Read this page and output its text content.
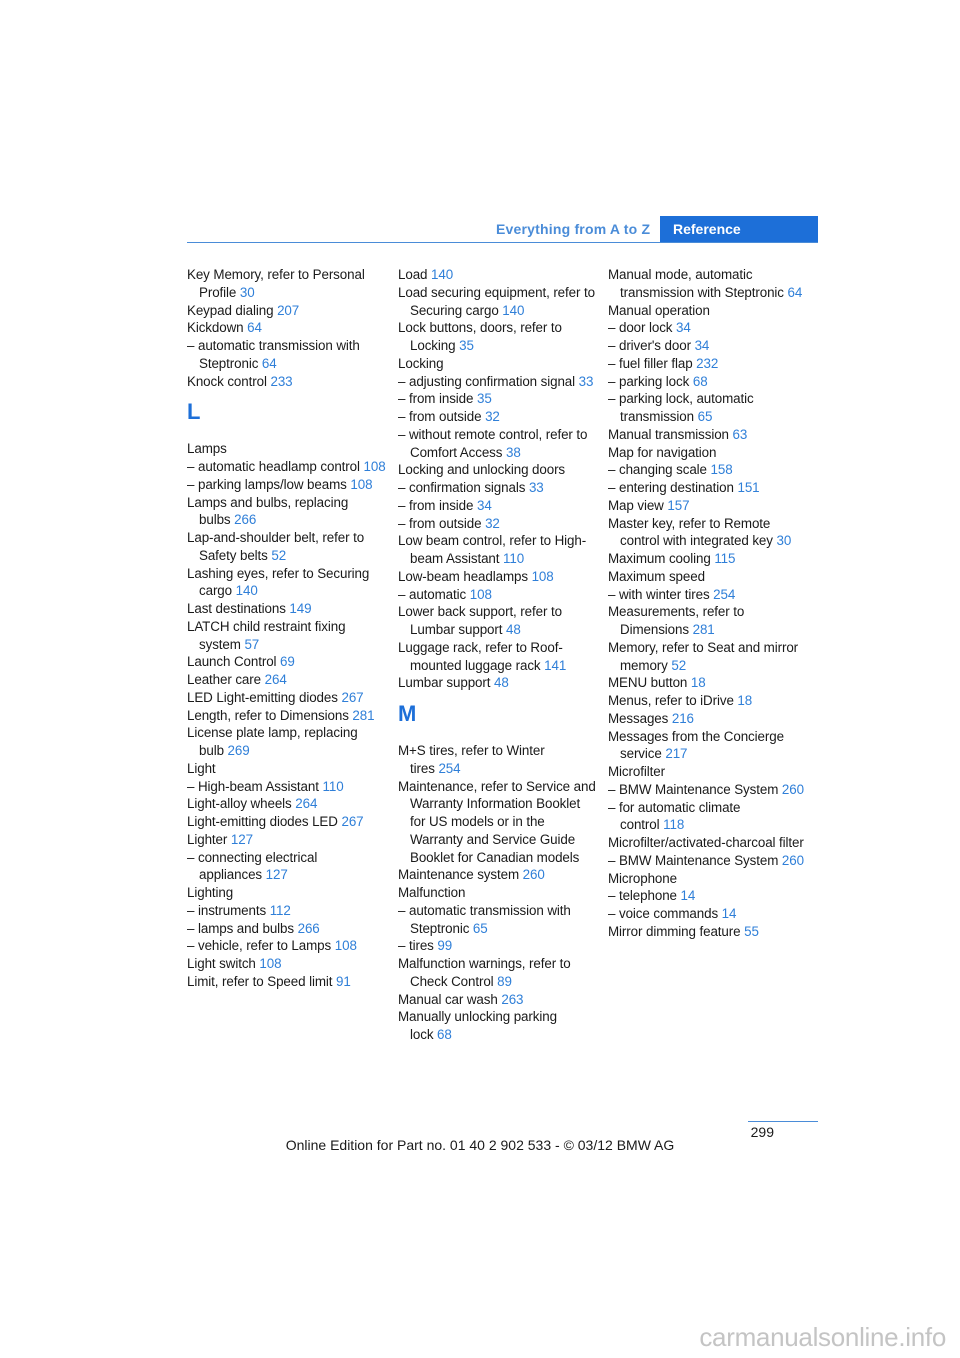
Everything from A to Z	Reference

Key Memory, refer to Personal Profile 30

Keypad dialing 207

Kickdown 64

– automatic transmission with Steptronic 64

Knock control 233

L

Lamps

– automatic headlamp control 108

– parking lamps/low beams 108

Lamps and bulbs, replacing bulbs 266

Lap-and-shoulder belt, refer to Safety belts 52

Lashing eyes, refer to Securing cargo 140

Last destinations 149

LATCH child restraint fixing system 57

Launch Control 69

Leather care 264

LED Light-emitting diodes 267

Length, refer to Dimensions 281

License plate lamp, replacing bulb 269

Light

– High-beam Assistant 110

Light-alloy wheels 264

Light-emitting diodes LED 267

Lighter 127

– connecting electrical appliances 127

Lighting

– instruments 112

– lamps and bulbs 266

– vehicle, refer to Lamps 108

Light switch 108

Limit, refer to Speed limit 91

Load 140

Load securing equipment, refer to Securing cargo 140

Lock buttons, doors, refer to Locking 35

Locking

– adjusting confirmation signal 33

– from inside 35

– from outside 32

– without remote control, refer to Comfort Access 38

Locking and unlocking doors

– confirmation signals 33

– from inside 34

– from outside 32

Low beam control, refer to High-beam Assistant 110

Low-beam headlamps 108

– automatic 108

Lower back support, refer to Lumbar support 48

Luggage rack, refer to Roof-mounted luggage rack 141

Lumbar support 48

M

M+S tires, refer to Winter tires 254

Maintenance, refer to Service and Warranty Information Booklet for US models or in the Warranty and Service Guide Booklet for Canadian models

Maintenance system 260

Malfunction

– automatic transmission with Steptronic 65

– tires 99

Malfunction warnings, refer to Check Control 89

Manual car wash 263

Manually unlocking parking lock 68

Manual mode, automatic transmission with Steptronic 64

Manual operation

– door lock 34

– driver's door 34

– fuel filler flap 232

– parking lock 68

– parking lock, automatic transmission 65

Manual transmission 63

Map for navigation

– changing scale 158

– entering destination 151

Map view 157

Master key, refer to Remote control with integrated key 30

Maximum cooling 115

Maximum speed

– with winter tires 254

Measurements, refer to Dimensions 281

Memory, refer to Seat and mirror memory 52

MENU button 18

Menus, refer to iDrive 18

Messages 216

Messages from the Concierge service 217

Microfilter

– BMW Maintenance System 260

– for automatic climate control 118

Microfilter/activated-charcoal filter

– BMW Maintenance System 260

Microphone

– telephone 14

– voice commands 14

Mirror dimming feature 55

299
Online Edition for Part no. 01 40 2 902 533 - © 03/12 BMW AG
carmanualsonline.info
